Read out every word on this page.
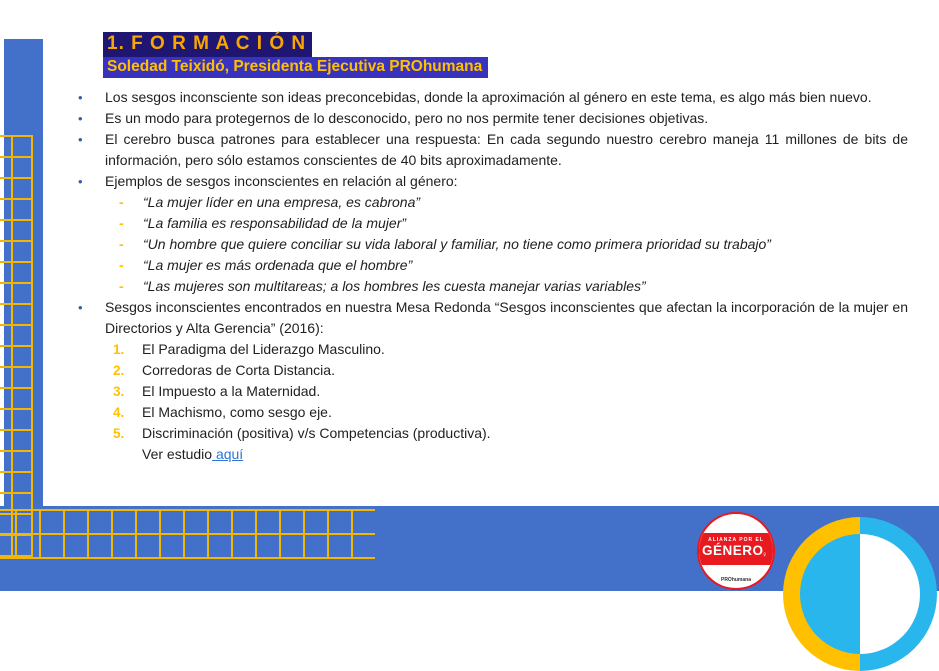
ALIANZA POR EL
GÉNERO♀
PROhumana
1. F O R M A C I Ó N
Soledad Teixidó, Presidenta Ejecutiva PROhumana
•	Los sesgos inconsciente son ideas preconcebidas, donde la aproximación al género en este tema, es algo más bien nuevo.
•	Es un modo para protegernos de lo desconocido, pero no nos permite tener decisiones objetivas.
•	El cerebro busca patrones para establecer una respuesta: En cada segundo nuestro cerebro maneja 11 millones de bits de información, pero sólo estamos conscientes de 40 bits aproximadamente.
•	Ejemplos de sesgos inconscientes en relación al género:
-	“La mujer líder en una empresa, es cabrona”
-	“La familia es responsabilidad de la mujer”
-	“Un hombre que quiere conciliar su vida laboral y familiar, no tiene como primera prioridad su trabajo”
-	“La mujer es más ordenada que el hombre”
-	“Las mujeres son multitareas; a los hombres les cuesta manejar varias variables”
•	Sesgos inconscientes encontrados en nuestra Mesa Redonda “Sesgos inconscientes que afectan la incorporación de la mujer en Directorios y Alta Gerencia” (2016):
1.	El Paradigma del Liderazgo Masculino.
2.	Corredoras de Corta Distancia.
3.	El Impuesto a la Maternidad.
4.	El Machismo, como sesgo eje.
5.	Discriminación (positiva) v/s Competencias (productiva).
Ver estudio aquí
